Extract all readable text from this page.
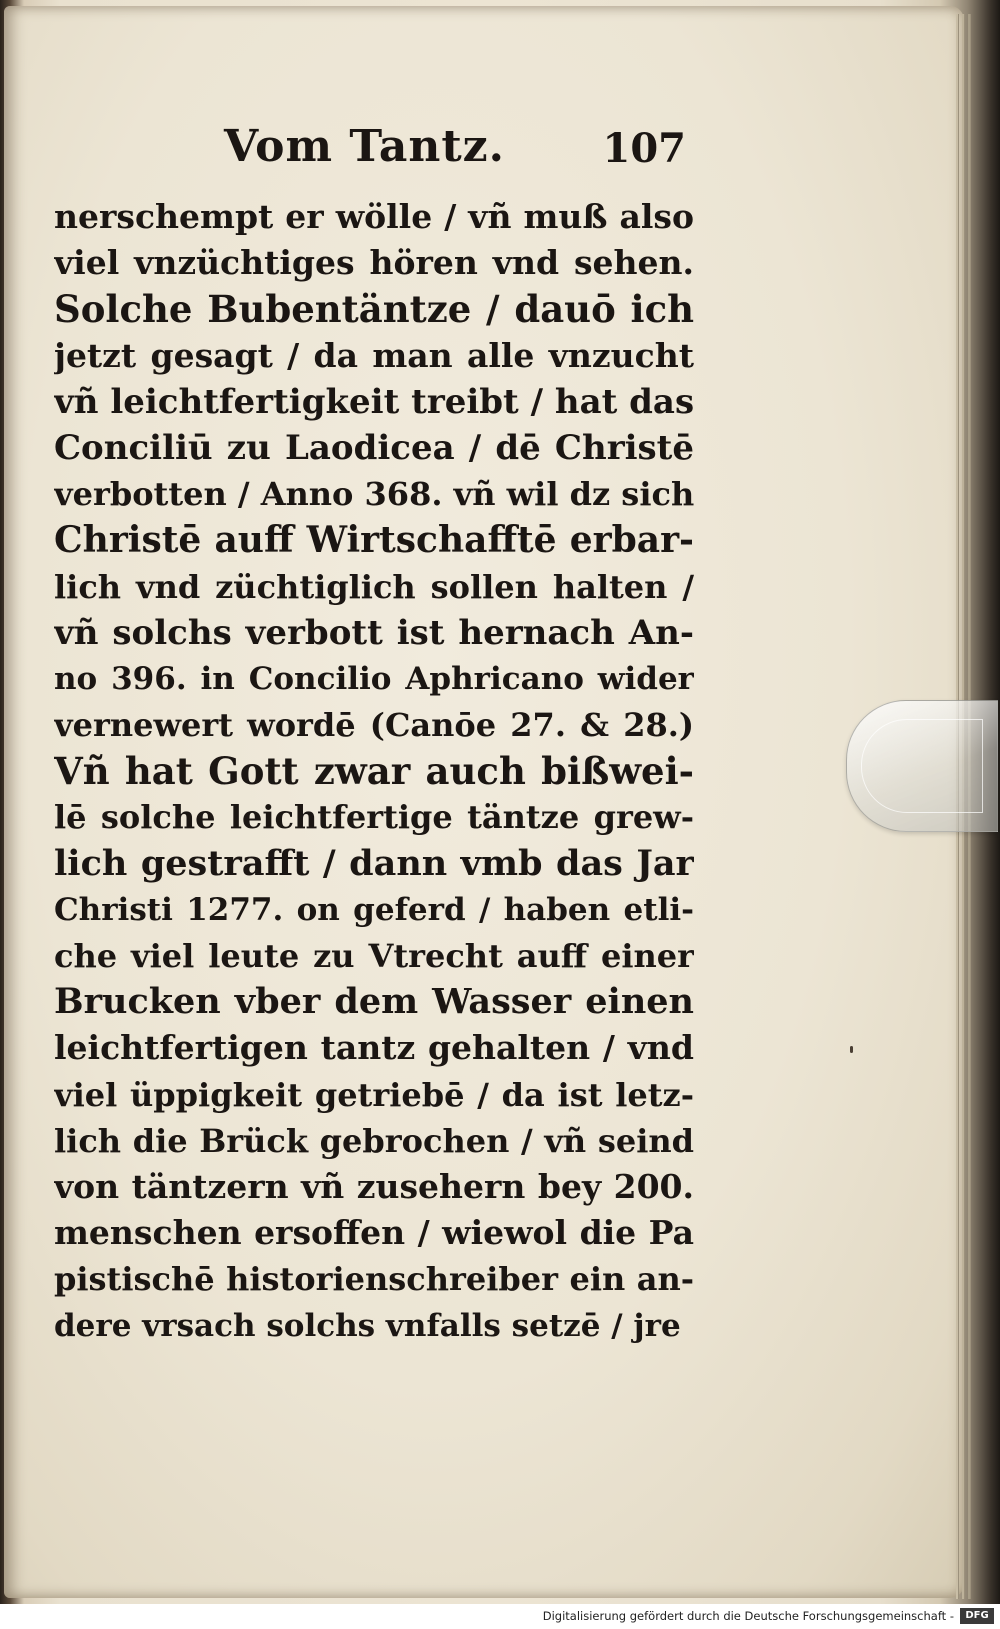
Vom Tantz. 107
nerschempt er wölle / vñ muß also
viel vnzüchtiges hören vnd sehen.
Solche Bubentäntze / dauō ich
jetzt gesagt / da man alle vnzucht
vñ leichtfertigkeit treibt / hat das
Conciliū zu Laodicea / dē Christē
verbotten / Anno 368. vñ wil dz sich
Christē auff Wirtschafftē erbar-
lich vnd züchtiglich sollen halten /
vñ solchs verbott ist hernach An-
no 396. in Concilio Aphricano wider
vernewert wordē (Canōe 27. & 28.)
Vñ hat Gott zwar auch bißwei-
lē solche leichtfertige täntze grew-
lich gestrafft / dann vmb das Jar
Christi 1277. on geferd / haben etli-
che viel leute zu Vtrecht auff einer
Brucken vber dem Wasser einen
leichtfertigen tantz gehalten / vnd
viel üppigkeit getriebē / da ist letz-
lich die Brück gebrochen / vñ seind
von täntzern vñ zusehern bey 200.
menschen ersoffen / wiewol die Pa
pistischē historienschreiber ein an-
dere vrsach solchs vnfalls setzē / jre
Digitalisierung gefördert durch die Deutsche Forschungsgemeinschaft -	DFG
